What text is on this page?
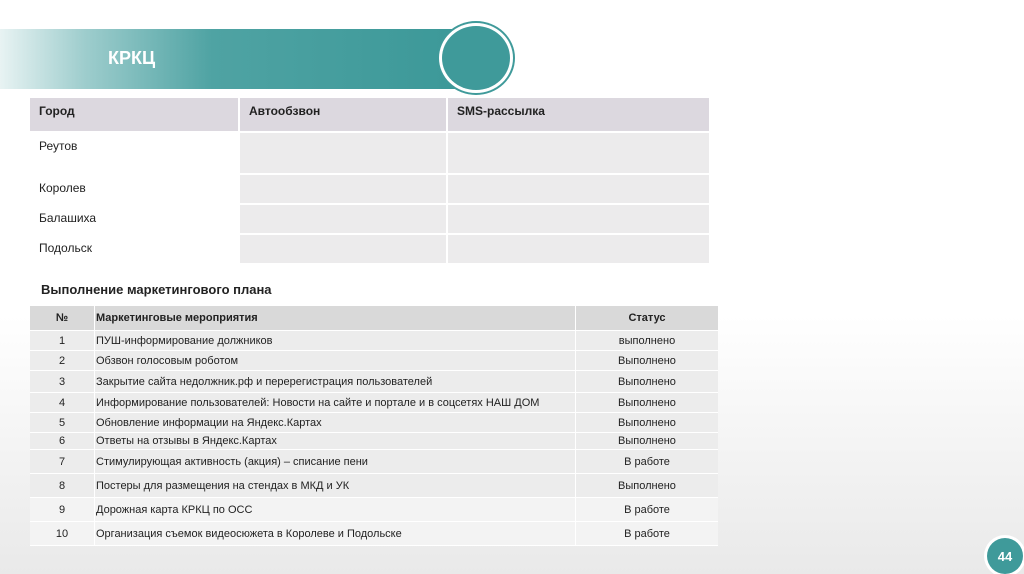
КРКЦ
Город	Автообзвон	SMS-рассылка
Реутов		
Королев		
Балашиха		
Подольск		
Выполнение маркетингового плана
№	Маркетинговые мероприятия	Статус
1	ПУШ-информирование должников	выполнено
2	Обзвон голосовым роботом	Выполнено
3	Закрытие сайта недолжник.рф и перерегистрация пользователей	Выполнено
4	Информирование пользователей: Новости на сайте и портале и в соцсетях НАШ ДОМ	Выполнено
5	Обновление информации на Яндекс.Картах	Выполнено
6	Ответы на отзывы в Яндекс.Картах	Выполнено
7	Стимулирующая активность (акция) – списание пени	В работе
8	Постеры для размещения на стендах в МКД и УК	Выполнено
9	Дорожная карта КРКЦ по ОСС	В работе
10	Организация съемок видеосюжета в Королеве и Подольске	В работе
44
